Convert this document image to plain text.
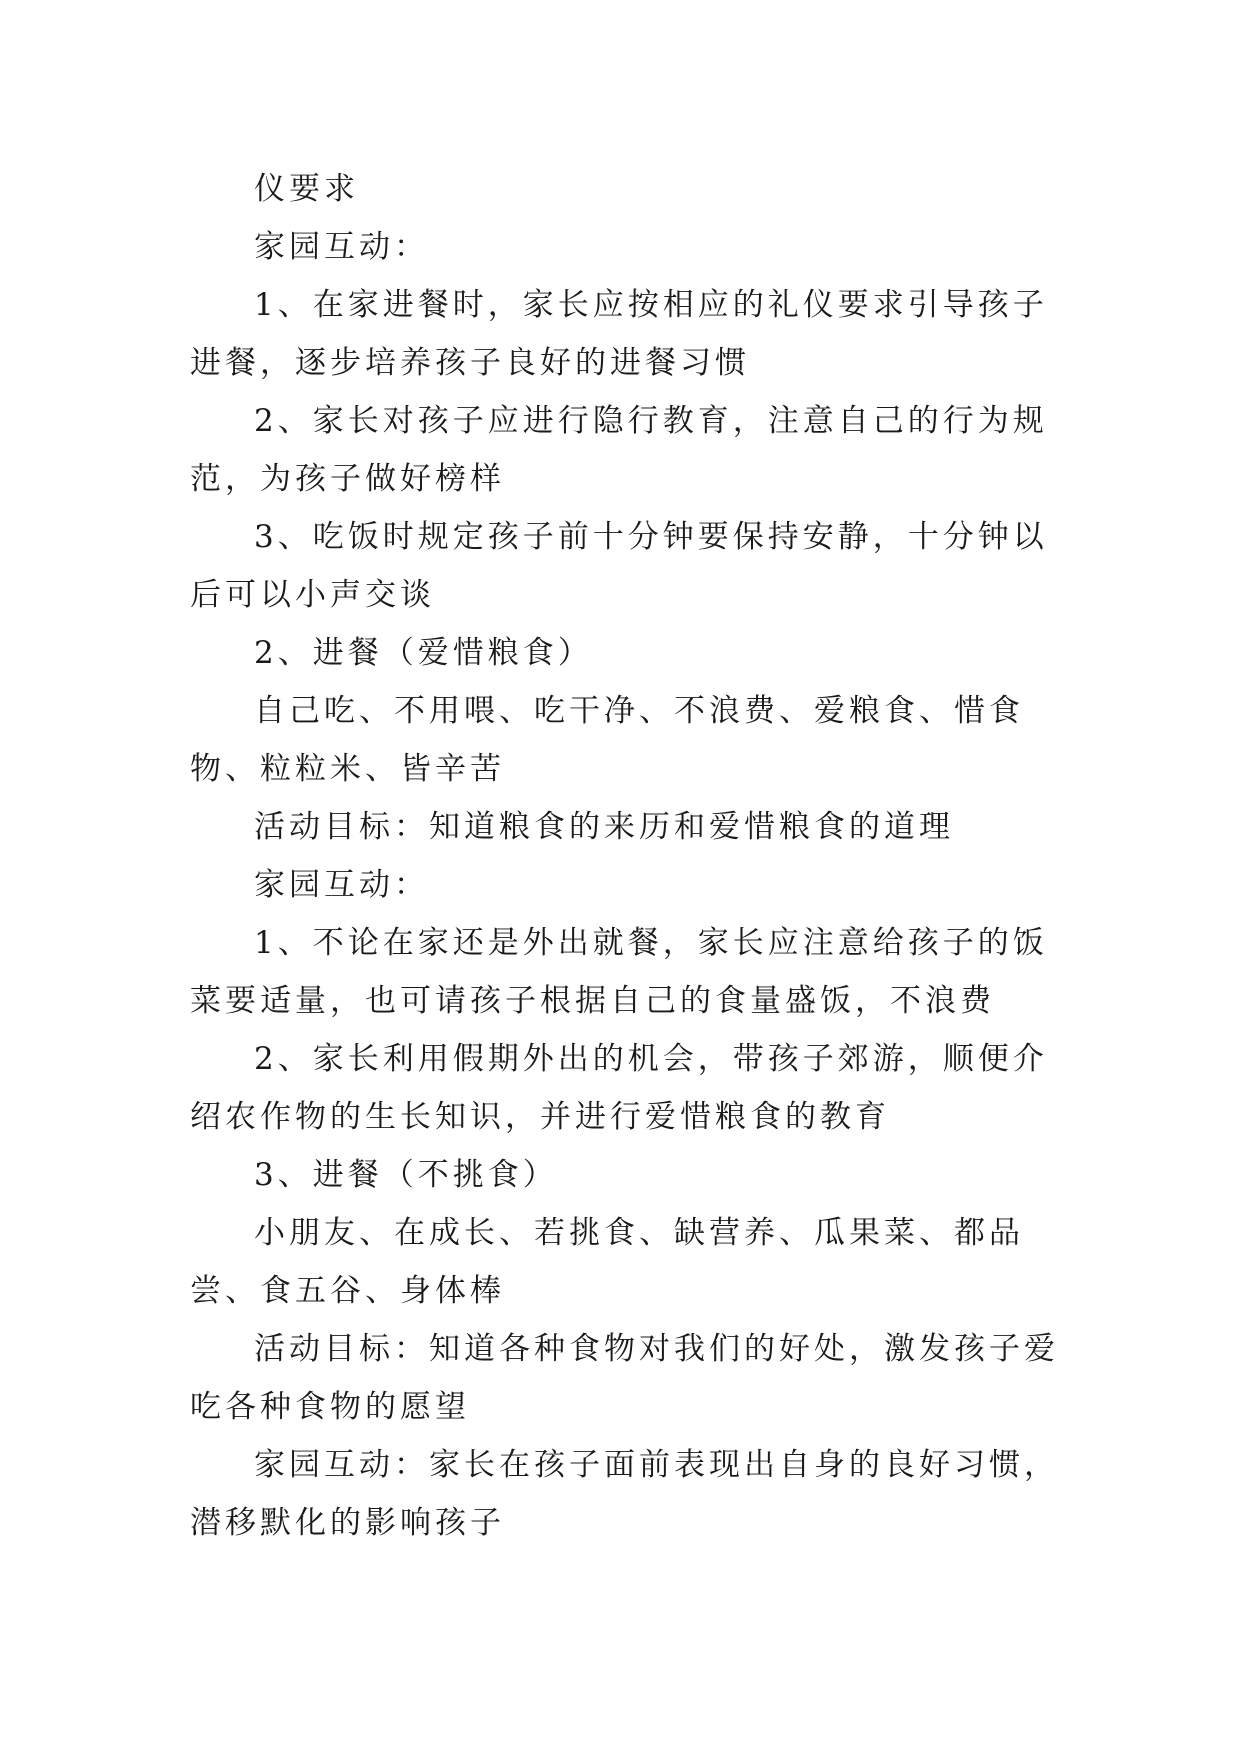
仪要求

家园互动：

1、在家进餐时，家长应按相应的礼仪要求引导孩子进餐，逐步培养孩子良好的进餐习惯

2、家长对孩子应进行隐行教育，注意自己的行为规范，为孩子做好榜样

3、吃饭时规定孩子前十分钟要保持安静，十分钟以后可以小声交谈

2、进餐（爱惜粮食）

自己吃、不用喂、吃干净、不浪费、爱粮食、惜食物、粒粒米、皆辛苦

活动目标：知道粮食的来历和爱惜粮食的道理

家园互动：

1、不论在家还是外出就餐，家长应注意给孩子的饭菜要适量，也可请孩子根据自己的食量盛饭，不浪费

2、家长利用假期外出的机会，带孩子郊游，顺便介绍农作物的生长知识，并进行爱惜粮食的教育

3、进餐（不挑食）

小朋友、在成长、若挑食、缺营养、瓜果菜、都品尝、食五谷、身体棒

活动目标：知道各种食物对我们的好处，激发孩子爱吃各种食物的愿望

家园互动：家长在孩子面前表现出自身的良好习惯，潜移默化的影响孩子
